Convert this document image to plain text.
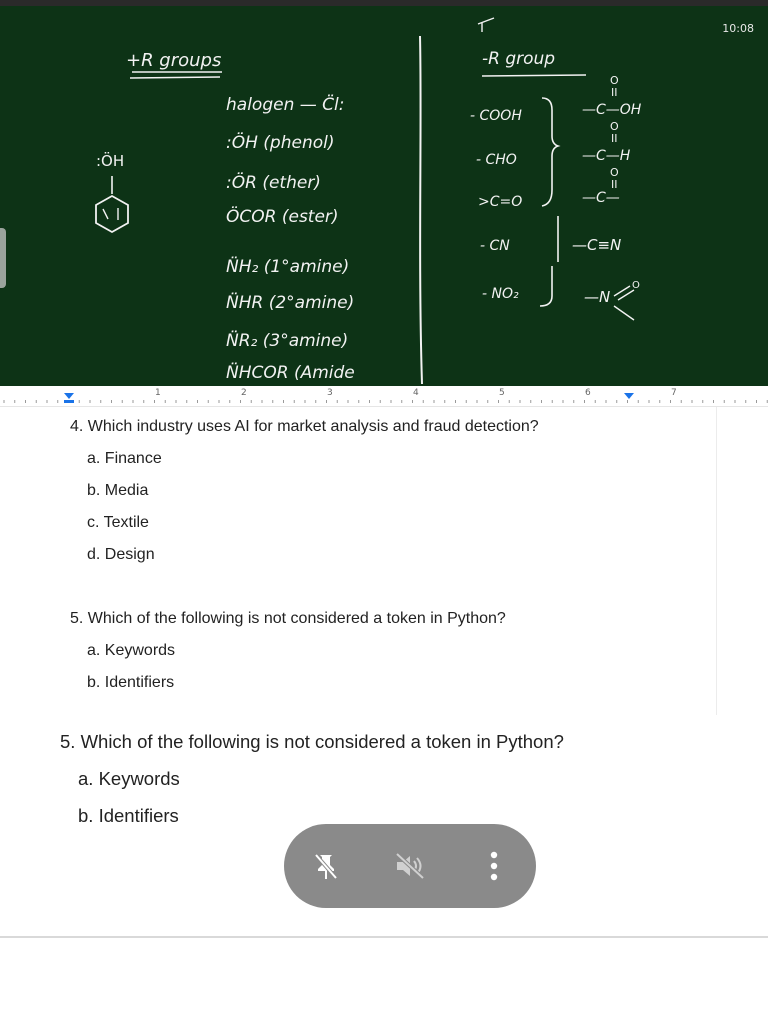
+R groups
halogen — C̈l:
:ÖH (phenol)
:ÖR (ether)
ÖCOR (ester)
N̈H₂ (1°amine)
N̈HR (2°amine)
N̈R₂ (3°amine)
N̈HCOR (Amide
:ÖH
-R group
- COOH
- CHO
>C=O
- CN
- NO₂
O
II
—C—OH
O
II
—C—H
O
II
—C—
—C≡N
—N
O
10:08
1	2	3	4	5	6	7
4. Which industry uses AI for market analysis and fraud detection?
a. Finance
b. Media
c. Textile
d. Design
5. Which of the following is not considered a token in Python?
a. Keywords
b. Identifiers
5. Which of the following is not considered a token in Python?
a. Keywords
b. Identifiers
